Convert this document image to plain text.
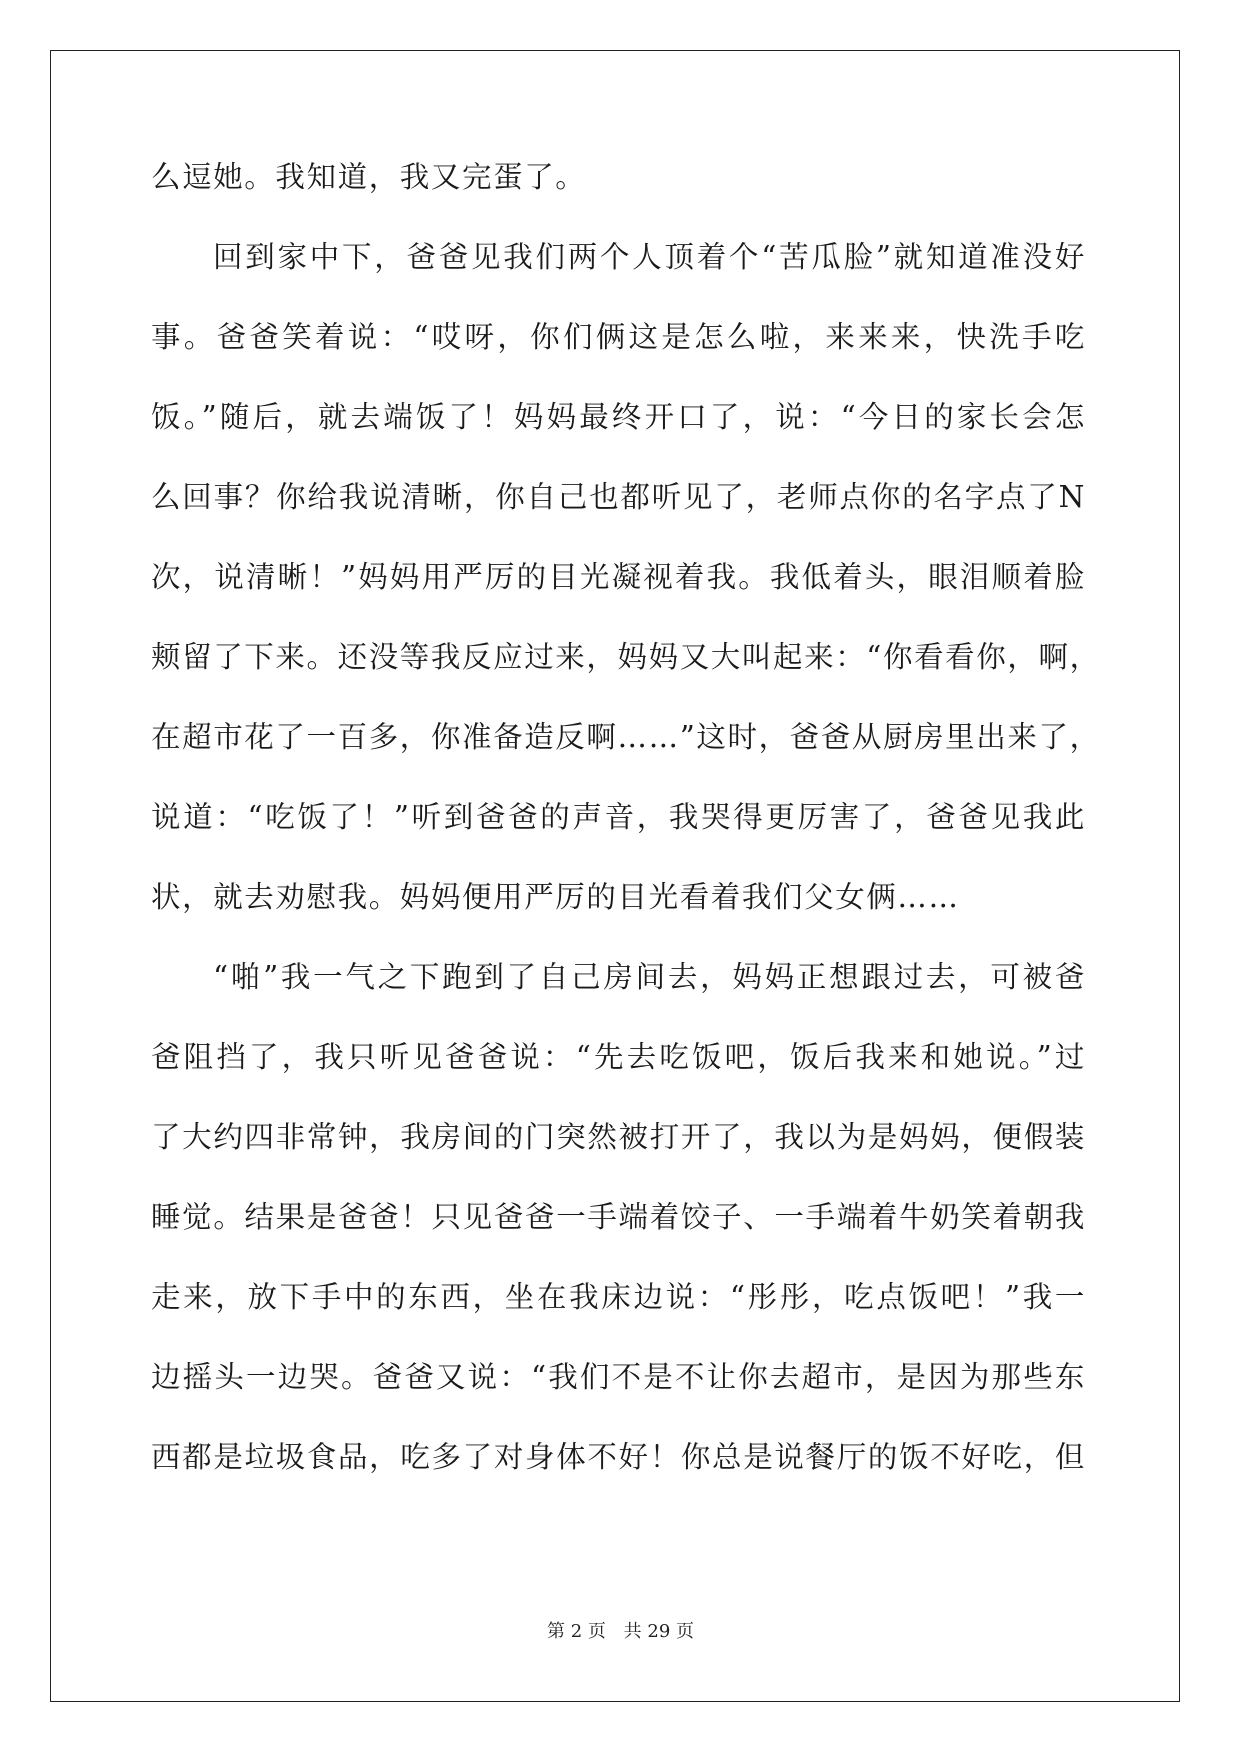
么逗她。我知道，我又完蛋了。
回到家中下，爸爸见我们两个人顶着个“苦瓜脸”就知道准没好
事。爸爸笑着说：“哎呀，你们俩这是怎么啦，来来来，快洗手吃
饭。”随后，就去端饭了！妈妈最终开口了，说：“今日的家长会怎
么回事？你给我说清晰，你自己也都听见了，老师点你的名字点了N
次，说清晰！”妈妈用严厉的目光凝视着我。我低着头，眼泪顺着脸
颊留了下来。还没等我反应过来，妈妈又大叫起来：“你看看你，啊，
在超市花了一百多，你准备造反啊……”这时，爸爸从厨房里出来了，
说道：“吃饭了！”听到爸爸的声音，我哭得更厉害了，爸爸见我此
状，就去劝慰我。妈妈便用严厉的目光看着我们父女俩……
“啪”我一气之下跑到了自己房间去，妈妈正想跟过去，可被爸
爸阻挡了，我只听见爸爸说：“先去吃饭吧，饭后我来和她说。”过
了大约四非常钟，我房间的门突然被打开了，我以为是妈妈，便假装
睡觉。结果是爸爸！只见爸爸一手端着饺子、一手端着牛奶笑着朝我
走来，放下手中的东西，坐在我床边说：“彤彤，吃点饭吧！”我一
边摇头一边哭。爸爸又说：“我们不是不让你去超市，是因为那些东
西都是垃圾食品，吃多了对身体不好！你总是说餐厅的饭不好吃，但
第 2 页 共 29 页
